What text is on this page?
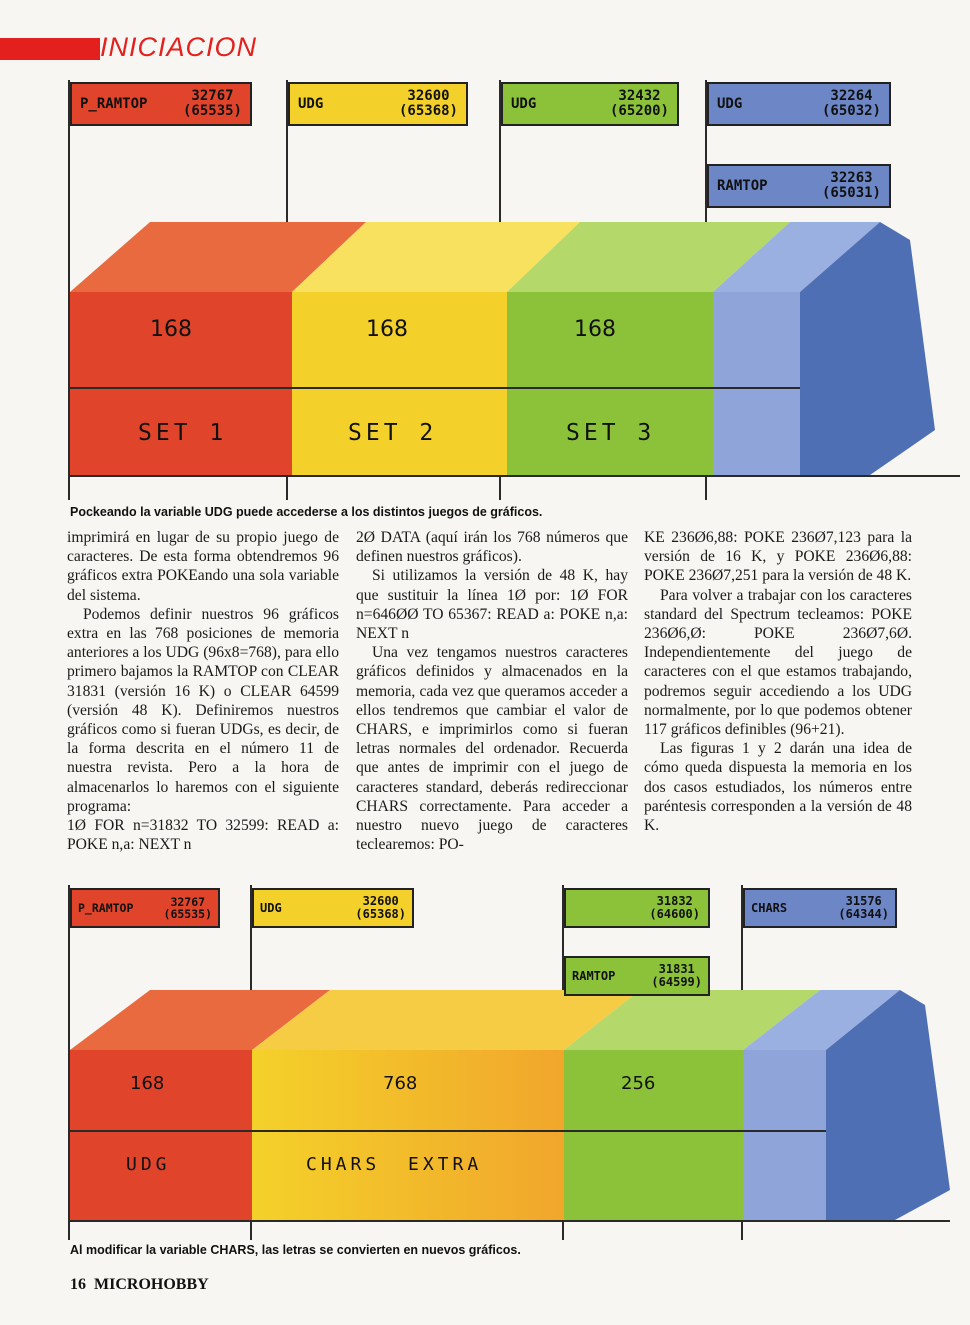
INICIACION
168	168	168
SET 1	SET 2	SET 3
P_RAMTOP	32767
(65535)	UDG	32600
(65368)	UDG	32432
(65200)	UDG	32264
(65032)
RAMTOP	32263
(65031)
Pockeando la variable UDG puede accederse a los distintos juegos de gráficos.

imprimirá en lugar de su propio juego de caracteres. De esta forma obtendremos 96 gráficos extra POKEando una sola variable del sistema.

Podemos definir nuestros 96 gráficos extra en las 768 posiciones de memoria anteriores a los UDG (96x8=768), para ello primero bajamos la RAMTOP con CLEAR 31831 (versión 16 K) o CLEAR 64599 (versión 48 K). Definiremos nuestros gráficos como si fueran UDGs, es decir, de la forma descrita en el número 11 de nuestra revista. Pero a la hora de almacenarlos lo haremos con el siguiente programa:

1Ø FOR n=31832 TO 32599: READ a: POKE n,a: NEXT n

2Ø DATA (aquí irán los 768 números que definen nuestros gráficos).

Si utilizamos la versión de 48 K, hay que sustituir la línea 1Ø por: 1Ø FOR n=646ØØ TO 65367: READ a: POKE n,a: NEXT n

Una vez tengamos nuestros caracteres gráficos definidos y almacenados en la memoria, cada vez que queramos acceder a ellos tendremos que cambiar el valor de CHARS, e imprimirlos como si fueran letras normales del ordenador. Recuerda que antes de imprimir con el juego de caracteres standard, deberás redireccionar CHARS correctamente. Para acceder a nuestro nuevo juego de caracteres teclearemos: PO-

KE 236Ø6,88: POKE 236Ø7,123 para la versión de 16 K, y POKE 236Ø6,88: POKE 236Ø7,251 para la versión de 48 K.

Para volver a trabajar con los caracteres standard del Spectrum tecleamos: POKE 236Ø6,Ø: POKE 236Ø7,6Ø. Independientemente del juego de caracteres con el que estamos trabajando, podremos seguir accediendo a los UDG normalmente, por lo que podemos obtener 117 gráficos definibles (96+21).

Las figuras 1 y 2 darán una idea de cómo queda dispuesta la memoria en los dos casos estudiados, los números entre paréntesis corresponden a la versión de 48 K.

168	768	256
UDG	CHARS EXTRA
P_RAMTOP	32767
(65535)	UDG	32600
(65368)
31832
(64600)	CHARS	31576
(64344)
RAMTOP	31831
(64599)
Al modificar la variable CHARS, las letras se convierten en nuevos gráficos.
16 MICROHOBBY
